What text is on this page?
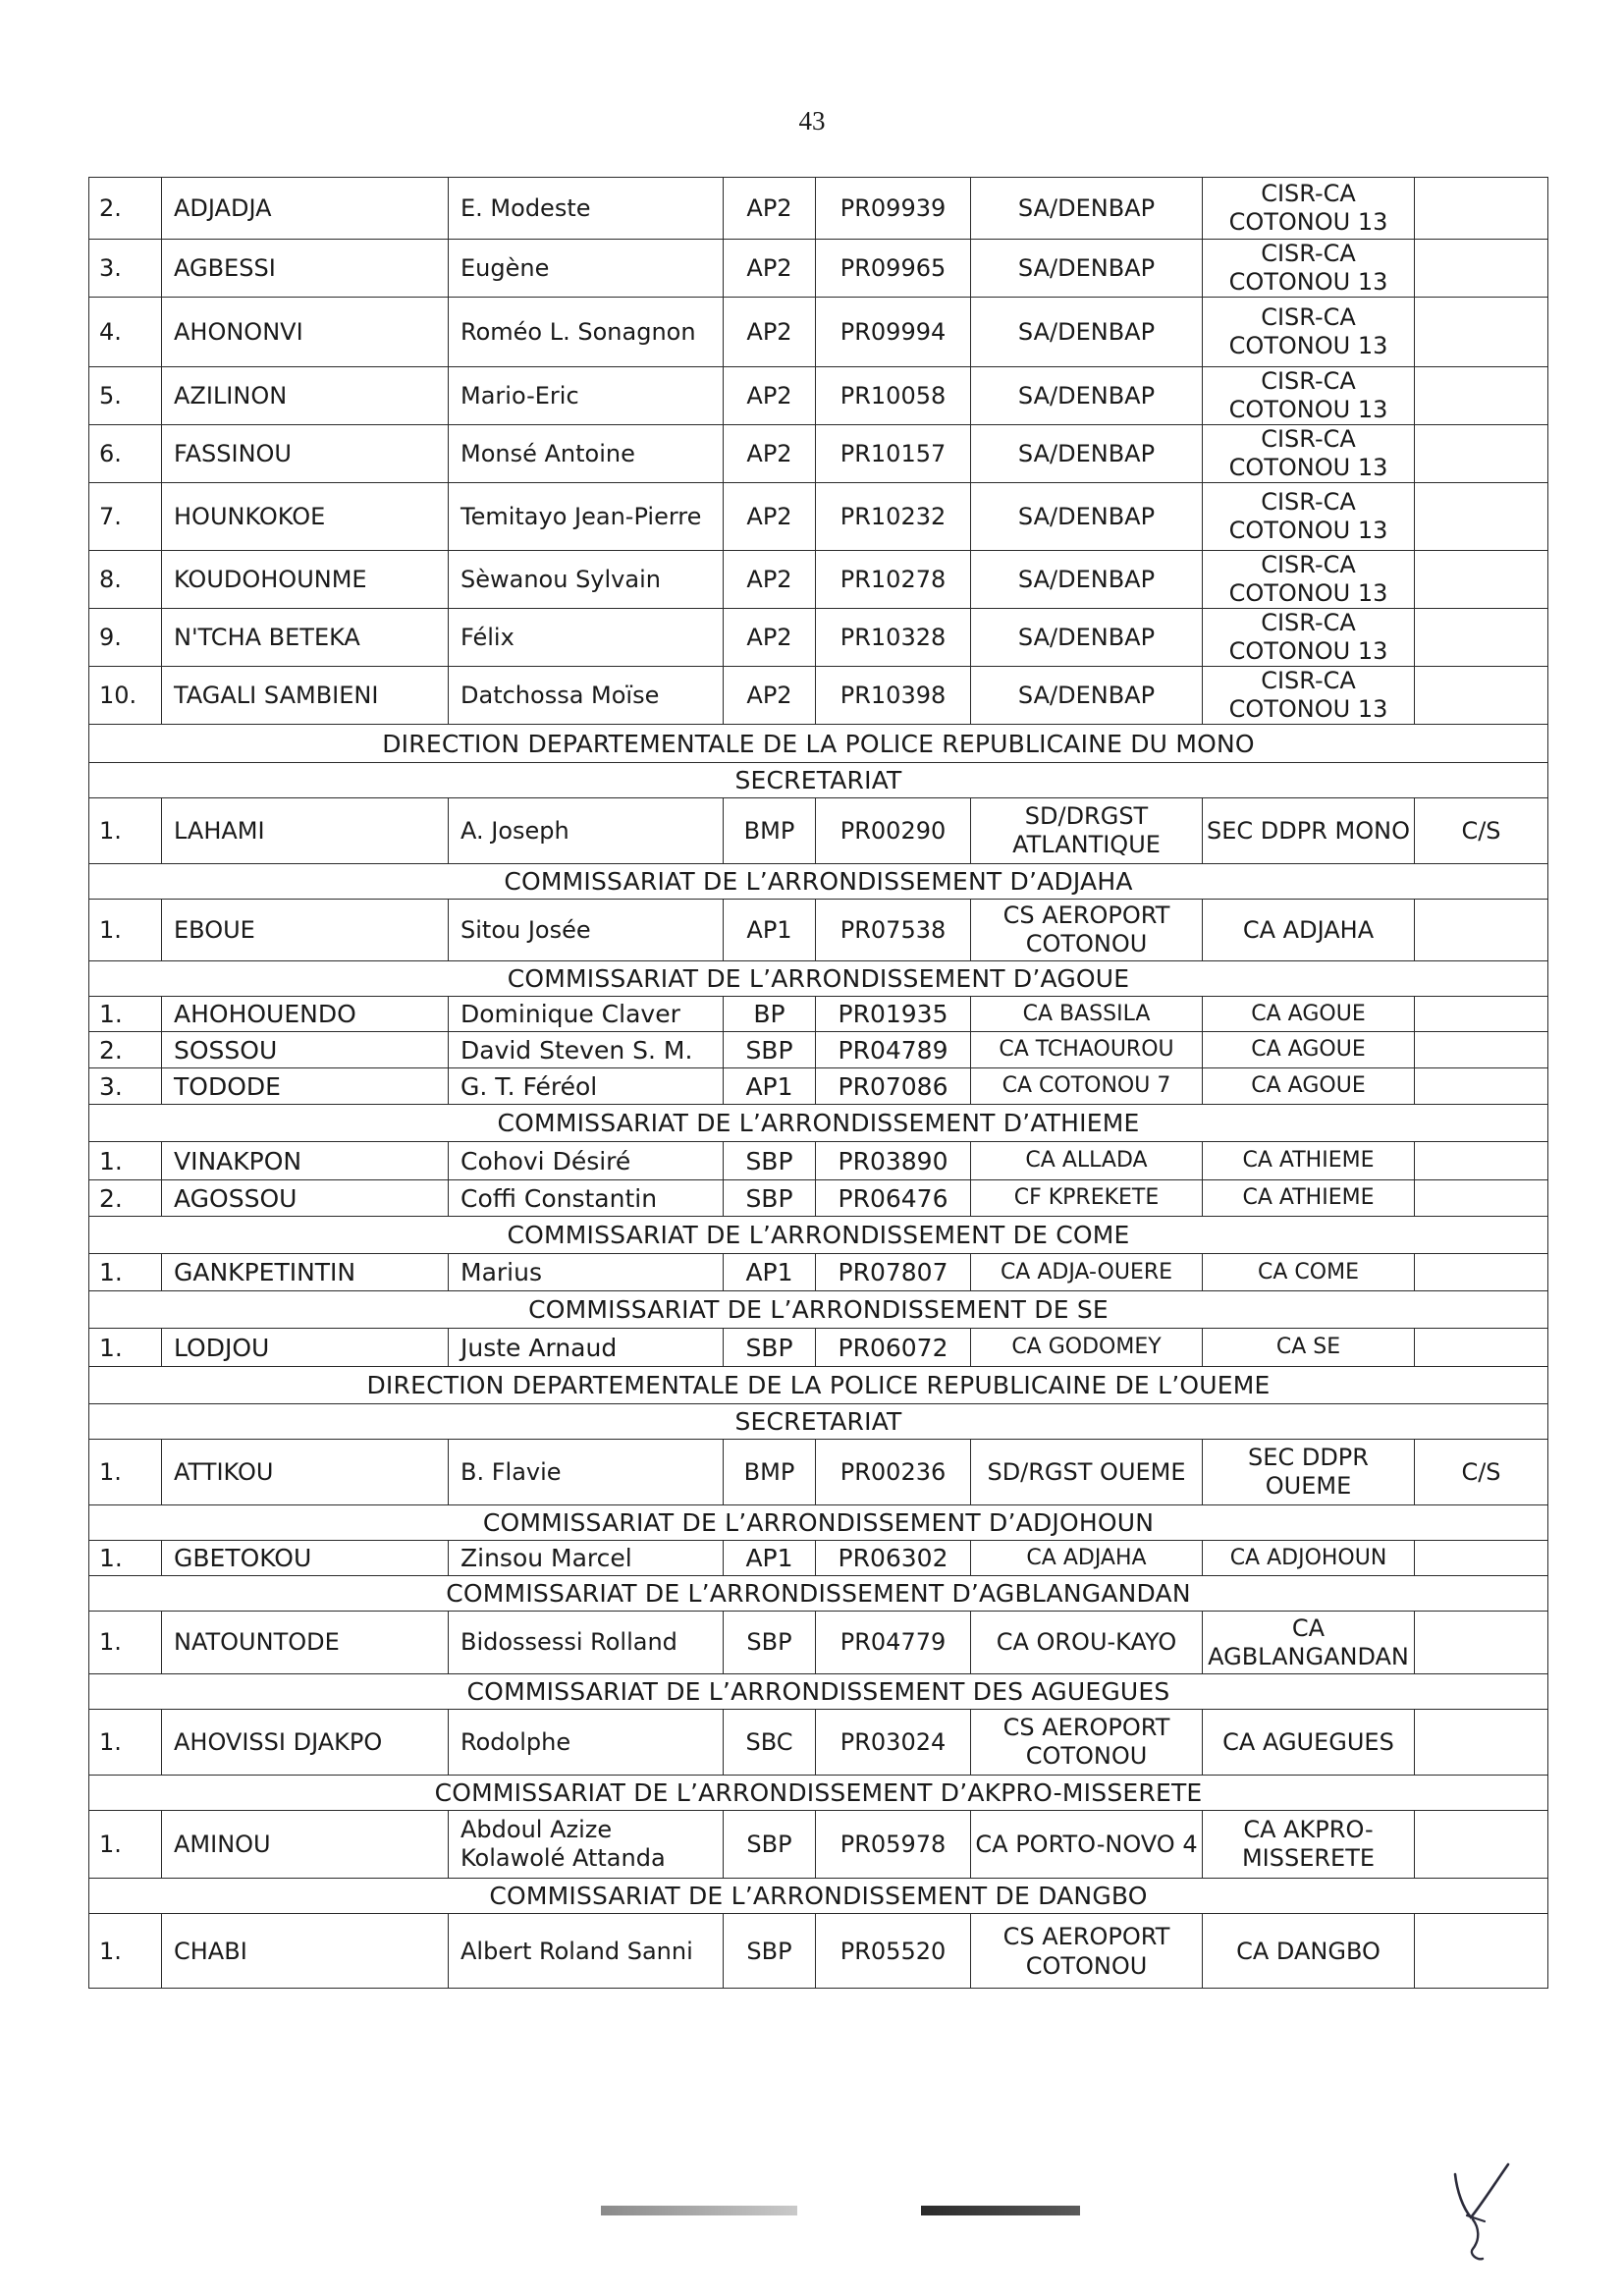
43
2.	ADJADJA	E. Modeste	AP2	PR09939	SA/DENBAP	CISR-CA COTONOU 13	
3.	AGBESSI	Eugène	AP2	PR09965	SA/DENBAP	CISR-CA COTONOU 13	
4.	AHONONVI	Roméo L. Sonagnon	AP2	PR09994	SA/DENBAP	CISR-CA COTONOU 13	
5.	AZILINON	Mario-Eric	AP2	PR10058	SA/DENBAP	CISR-CA COTONOU 13	
6.	FASSINOU	Monsé Antoine	AP2	PR10157	SA/DENBAP	CISR-CA COTONOU 13	
7.	HOUNKOKOE	Temitayo Jean-Pierre	AP2	PR10232	SA/DENBAP	CISR-CA COTONOU 13	
8.	KOUDOHOUNME	Sèwanou Sylvain	AP2	PR10278	SA/DENBAP	CISR-CA COTONOU 13	
9.	N'TCHA BETEKA	Félix	AP2	PR10328	SA/DENBAP	CISR-CA COTONOU 13	
10.	TAGALI SAMBIENI	Datchossa Moïse	AP2	PR10398	SA/DENBAP	CISR-CA COTONOU 13	
DIRECTION DEPARTEMENTALE DE LA POLICE REPUBLICAINE DU MONO							
SECRETARIAT							
1.	LAHAMI	A. Joseph	BMP	PR00290	SD/DRGST ATLANTIQUE	SEC DDPR MONO	C/S
COMMISSARIAT DE L’ARRONDISSEMENT D’ADJAHA							
1.	EBOUE	Sitou Josée	AP1	PR07538	CS AEROPORT COTONOU	CA ADJAHA	
COMMISSARIAT DE L’ARRONDISSEMENT D’AGOUE							
1.	AHOHOUENDO	Dominique Claver	BP	PR01935	CA BASSILA	CA AGOUE	
2.	SOSSOU	David Steven S. M.	SBP	PR04789	CA TCHAOUROU	CA AGOUE	
3.	TODODE	G. T. Féréol	AP1	PR07086	CA COTONOU 7	CA AGOUE	
COMMISSARIAT DE L’ARRONDISSEMENT D’ATHIEME							
1.	VINAKPON	Cohovi Désiré	SBP	PR03890	CA ALLADA	CA ATHIEME	
2.	AGOSSOU	Coffi Constantin	SBP	PR06476	CF KPREKETE	CA ATHIEME	
COMMISSARIAT DE L’ARRONDISSEMENT DE COME							
1.	GANKPETINTIN	Marius	AP1	PR07807	CA ADJA-OUERE	CA COME	
COMMISSARIAT DE L’ARRONDISSEMENT DE SE							
1.	LODJOU	Juste Arnaud	SBP	PR06072	CA GODOMEY	CA SE	
DIRECTION DEPARTEMENTALE DE LA POLICE REPUBLICAINE DE L’OUEME							
SECRETARIAT							
1.	ATTIKOU	B. Flavie	BMP	PR00236	SD/RGST OUEME	SEC DDPR OUEME	C/S
COMMISSARIAT DE L’ARRONDISSEMENT D’ADJOHOUN							
1.	GBETOKOU	Zinsou Marcel	AP1	PR06302	CA ADJAHA	CA ADJOHOUN	
COMMISSARIAT DE L’ARRONDISSEMENT D’AGBLANGANDAN							
1.	NATOUNTODE	Bidossessi Rolland	SBP	PR04779	CA OROU-KAYO	CA AGBLANGANDAN	
COMMISSARIAT DE L’ARRONDISSEMENT DES AGUEGUES							
1.	AHOVISSI DJAKPO	Rodolphe	SBC	PR03024	CS AEROPORT COTONOU	CA AGUEGUES	
COMMISSARIAT DE L’ARRONDISSEMENT D’AKPRO-MISSERETE							
1.	AMINOU	Abdoul Azize Kolawolé Attanda	SBP	PR05978	CA PORTO-NOVO 4	CA AKPRO-MISSERETE	
COMMISSARIAT DE L’ARRONDISSEMENT DE DANGBO							
1.	CHABI	Albert Roland Sanni	SBP	PR05520	CS AEROPORT COTONOU	CA DANGBO	
